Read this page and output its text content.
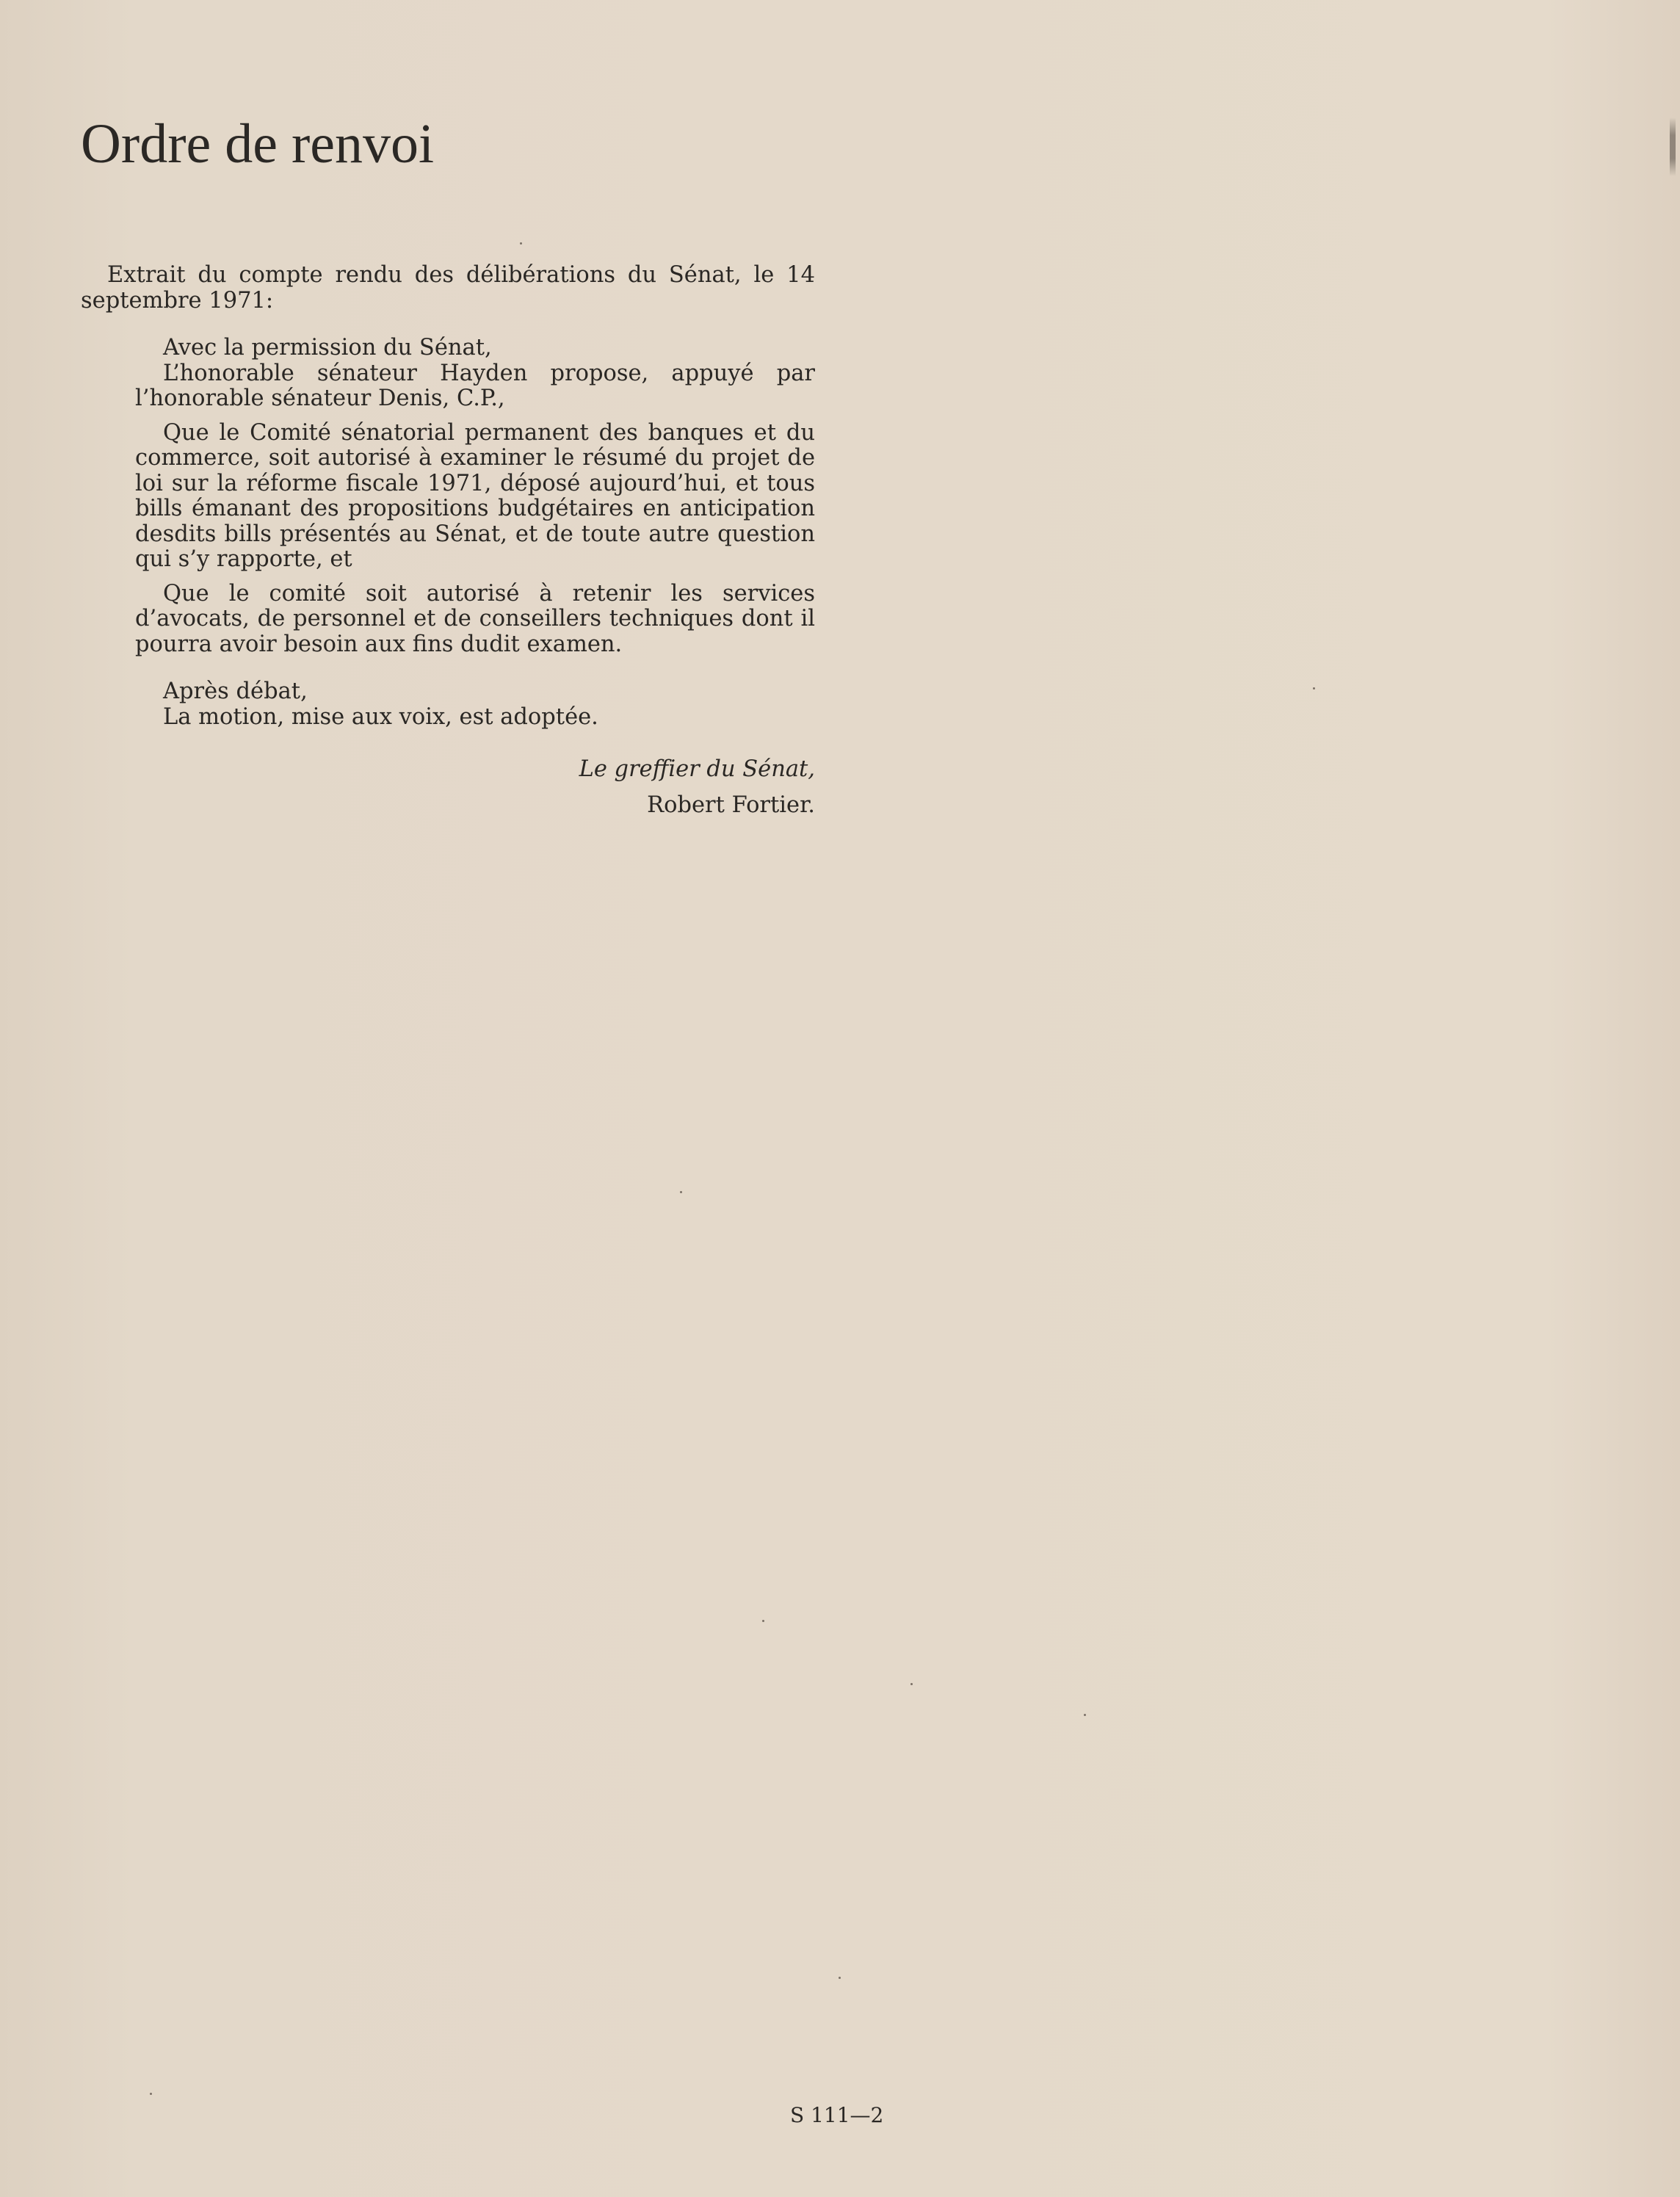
Ordre de renvoi

Extrait du compte rendu des délibérations du Sénat, le 14 septembre 1971:

Avec la permission du Sénat,

L’honorable sénateur Hayden propose, appuyé par l’honorable sénateur Denis, C.P.,

Que le Comité sénatorial permanent des banques et du commerce, soit autorisé à examiner le résumé du projet de loi sur la réforme fiscale 1971, déposé aujourd’hui, et tous bills émanant des propositions budgétaires en anticipation desdits bills présentés au Sénat, et de toute autre question qui s’y rapporte, et

Que le comité soit autorisé à retenir les services d’avocats, de personnel et de conseillers techniques dont il pourra avoir besoin aux fins dudit examen.

Après débat,
La motion, mise aux voix, est adoptée.
Le greffier du Sénat,
Robert Fortier.
S 111—2
